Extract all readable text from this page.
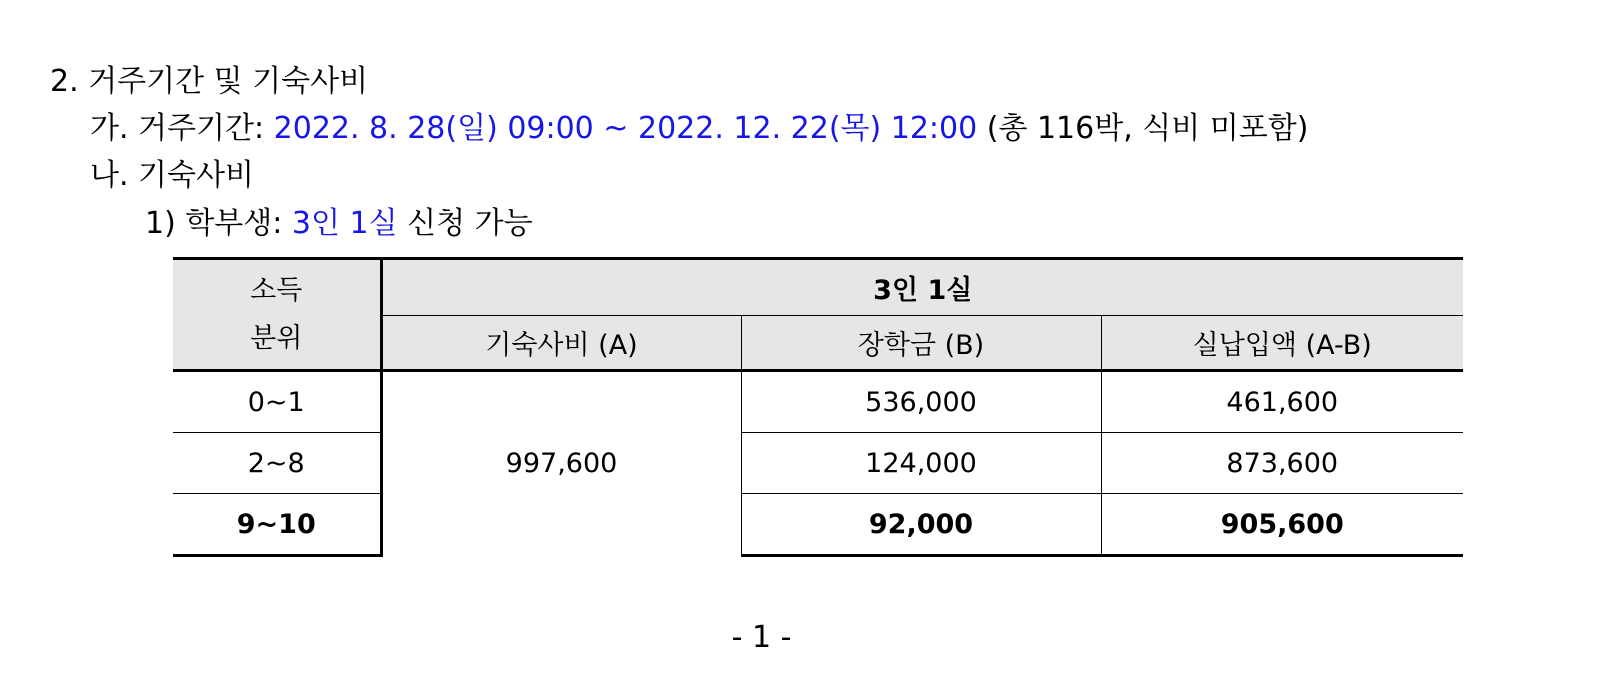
2. 거주기간 및 기숙사비
가. 거주기간: 2022. 8. 28(일) 09:00 ~ 2022. 12. 22(목) 12:00 (총 116박, 식비 미포함)
나. 기숙사비
1) 학부생: 3인 1실 신청 가능
소득
분위	3인 1실		
	기숙사비 (A)	장학금 (B)	실납입액 (A-B)
0~1	997,600	536,000	461,600
2~8		124,000	873,600
9~10		92,000	905,600
- 1 -
